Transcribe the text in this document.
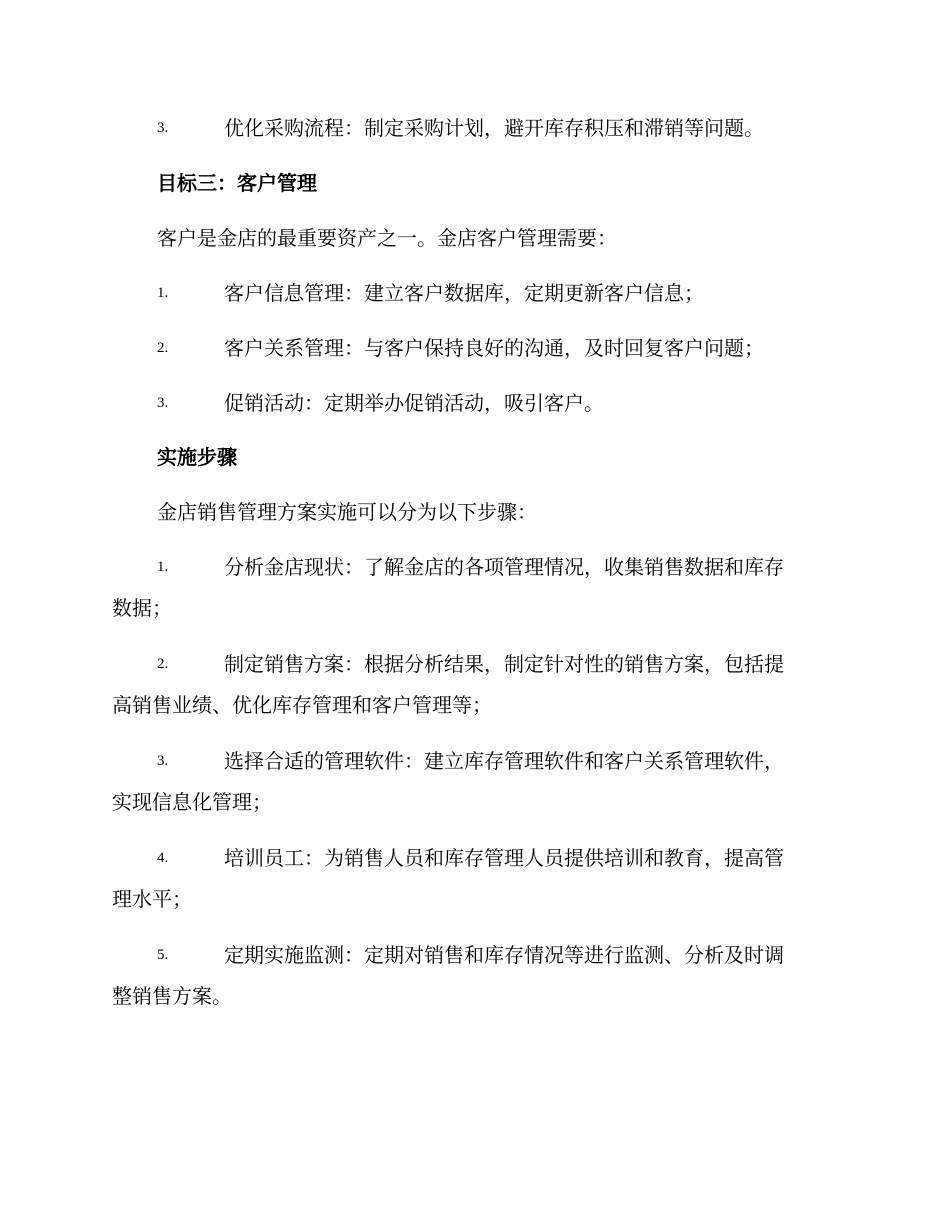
3.	优化采购流程：制定采购计划，避开库存积压和滞销等问题。
目标三：客户管理
客户是金店的最重要资产之一。金店客户管理需要：
1.	客户信息管理：建立客户数据库，定期更新客户信息；
2.	客户关系管理：与客户保持良好的沟通，及时回复客户问题；
3.	促销活动：定期举办促销活动，吸引客户。
实施步骤
金店销售管理方案实施可以分为以下步骤：
1.	分析金店现状：了解金店的各项管理情况，收集销售数据和库存
数据；
2.	制定销售方案：根据分析结果，制定针对性的销售方案，包括提
高销售业绩、优化库存管理和客户管理等；
3.	选择合适的管理软件：建立库存管理软件和客户关系管理软件，
实现信息化管理；
4.	培训员工：为销售人员和库存管理人员提供培训和教育，提高管
理水平；
5.	定期实施监测：定期对销售和库存情况等进行监测、分析及时调
整销售方案。
